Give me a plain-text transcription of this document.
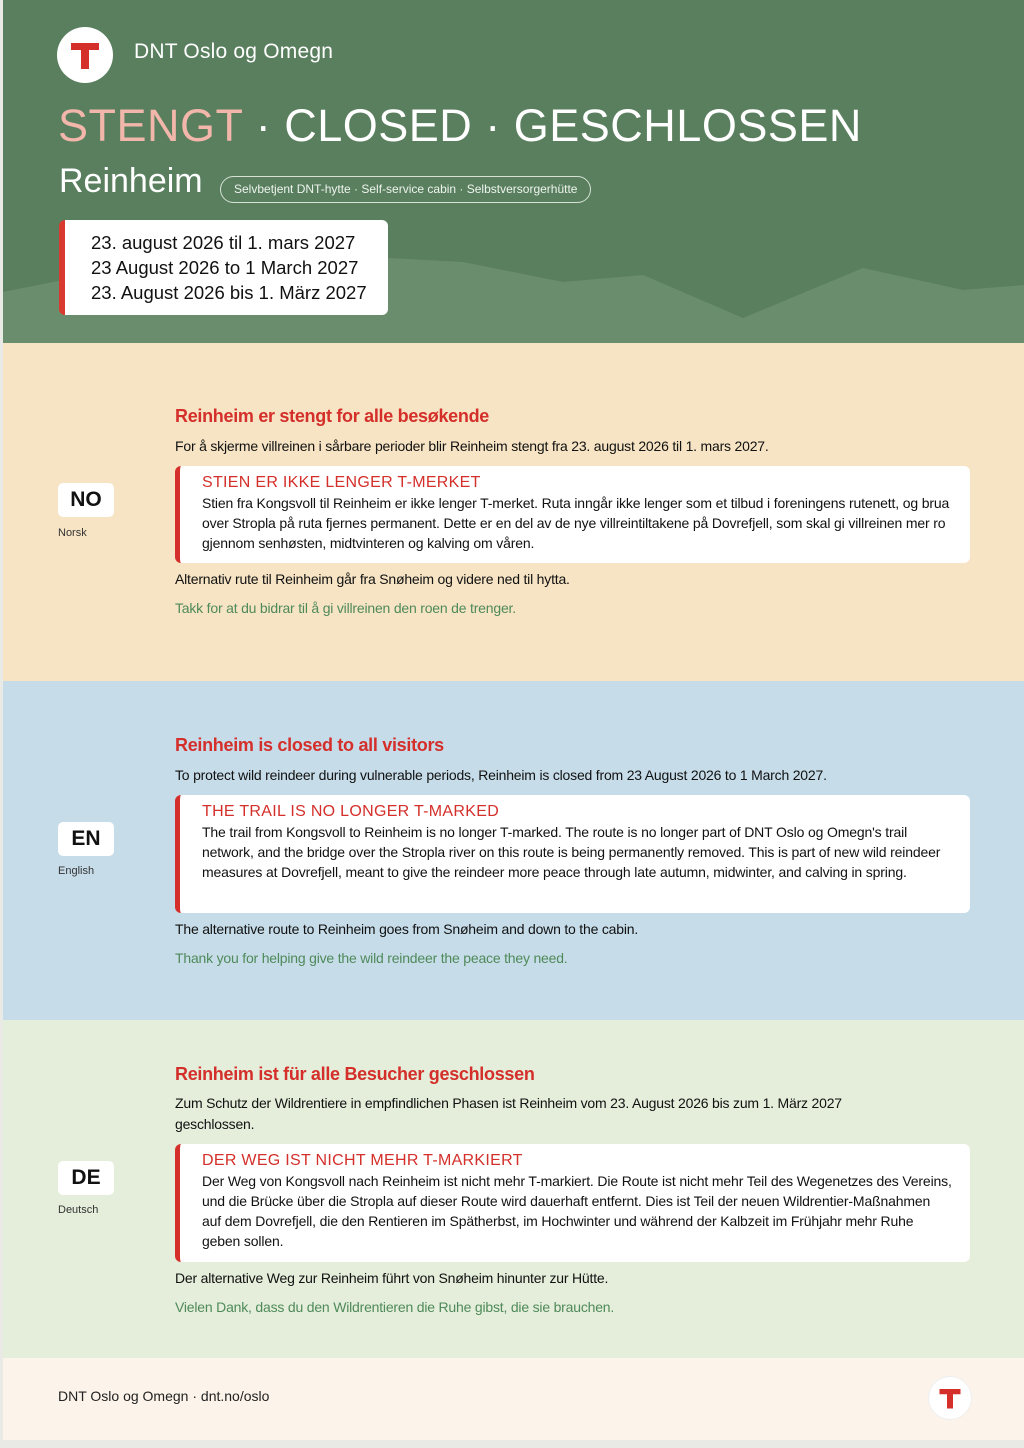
DNT Oslo og Omegn
STENGT · CLOSED · GESCHLOSSEN
Reinheim	Selvbetjent DNT-hytte · Self-service cabin · Selbstversorgerhütte
23. august 2026 til 1. mars 2027
23 August 2026 to 1 March 2027
23. August 2026 bis 1. März 2027
NO
Norsk
Reinheim er stengt for alle besøkende
For å skjerme villreinen i sårbare perioder blir Reinheim stengt fra 23. august 2026 til 1. mars 2027.
STIEN ER IKKE LENGER T-MERKET
Stien fra Kongsvoll til Reinheim er ikke lenger T-merket. Ruta inngår ikke lenger som et tilbud i foreningens rutenett, og brua over Stropla på ruta fjernes permanent. Dette er en del av de nye villreintiltakene på Dovrefjell, som skal gi villreinen mer ro gjennom senhøsten, midtvinteren og kalving om våren.
Alternativ rute til Reinheim går fra Snøheim og videre ned til hytta.
Takk for at du bidrar til å gi villreinen den roen de trenger.
EN
English
Reinheim is closed to all visitors
To protect wild reindeer during vulnerable periods, Reinheim is closed from 23 August 2026 to 1 March 2027.
THE TRAIL IS NO LONGER T-MARKED
The trail from Kongsvoll to Reinheim is no longer T-marked. The route is no longer part of DNT Oslo og Omegn's trail network, and the bridge over the Stropla river on this route is being permanently removed. This is part of new wild reindeer measures at Dovrefjell, meant to give the reindeer more peace through late autumn, midwinter, and calving in spring.
The alternative route to Reinheim goes from Snøheim and down to the cabin.
Thank you for helping give the wild reindeer the peace they need.
DE
Deutsch
Reinheim ist für alle Besucher geschlossen
Zum Schutz der Wildrentiere in empfindlichen Phasen ist Reinheim vom 23. August 2026 bis zum 1. März 2027 geschlossen.
DER WEG IST NICHT MEHR T-MARKIERT
Der Weg von Kongsvoll nach Reinheim ist nicht mehr T-markiert. Die Route ist nicht mehr Teil des Wegenetzes des Vereins, und die Brücke über die Stropla auf dieser Route wird dauerhaft entfernt. Dies ist Teil der neuen Wildrentier-Maßnahmen auf dem Dovrefjell, die den Rentieren im Spätherbst, im Hochwinter und während der Kalbzeit im Frühjahr mehr Ruhe geben sollen.
Der alternative Weg zur Reinheim führt von Snøheim hinunter zur Hütte.
Vielen Dank, dass du den Wildrentieren die Ruhe gibst, die sie brauchen.
DNT Oslo og Omegn · dnt.no/oslo
